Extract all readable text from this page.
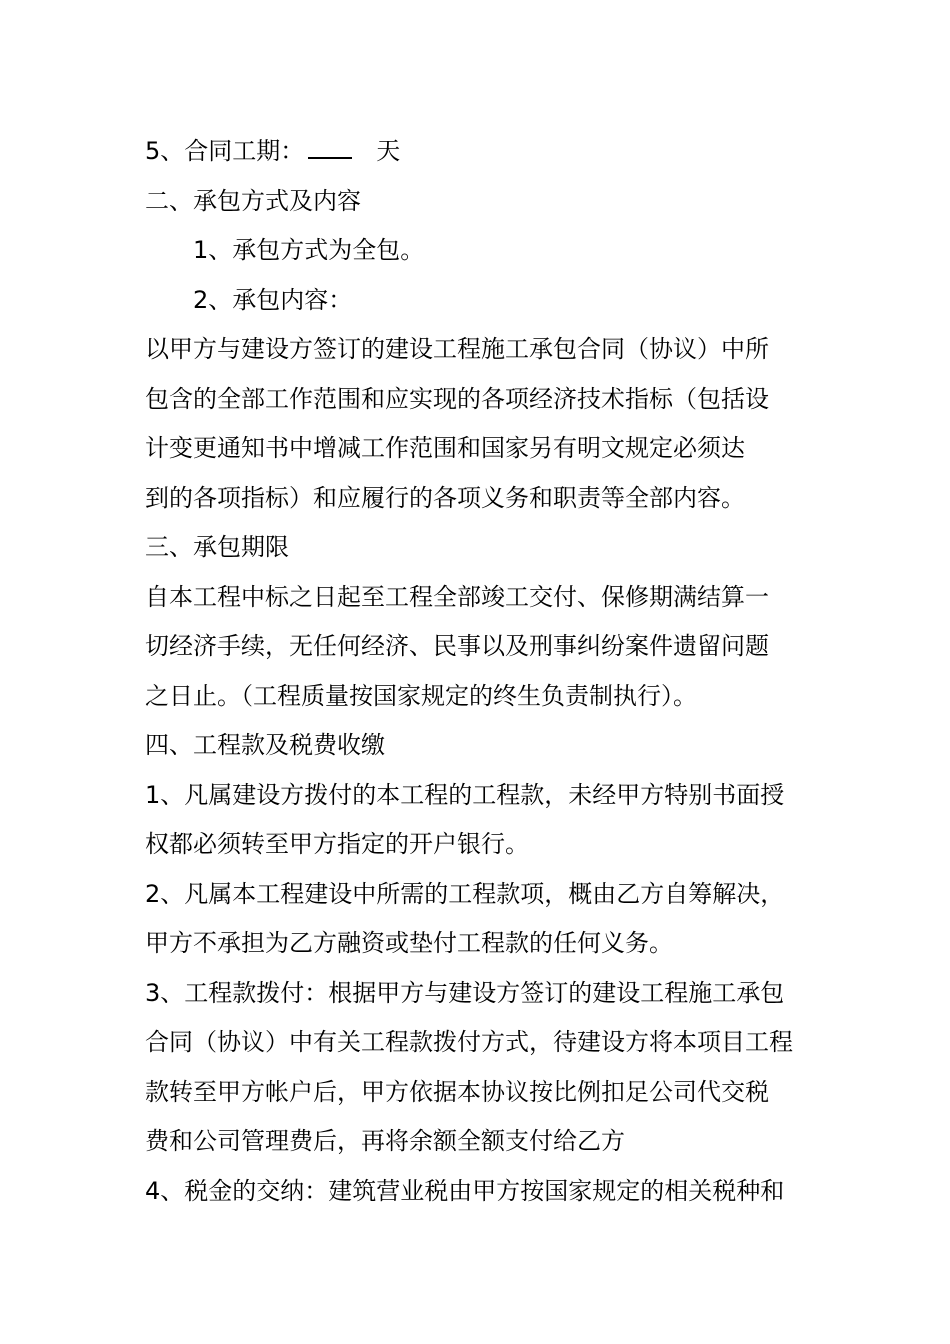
5、合同工期：	天
二、承包方式及内容
1、承包方式为全包。
2、承包内容：
以甲方与建设方签订的建设工程施工承包合同（协议）中所
包含的全部工作范围和应实现的各项经济技术指标（包括设
计变更通知书中增减工作范围和国家另有明文规定必须达
到的各项指标）和应履行的各项义务和职责等全部内容。
三、承包期限
自本工程中标之日起至工程全部竣工交付、保修期满结算一
切经济手续，无任何经济、民事以及刑事纠纷案件遗留问题
之日止。（工程质量按国家规定的终生负责制执行）。
四、工程款及税费收缴
1、凡属建设方拨付的本工程的工程款，未经甲方特别书面授
权都必须转至甲方指定的开户银行。
2、凡属本工程建设中所需的工程款项，概由乙方自筹解决，
甲方不承担为乙方融资或垫付工程款的任何义务。
3、工程款拨付：根据甲方与建设方签订的建设工程施工承包
合同（协议）中有关工程款拨付方式，待建设方将本项目工程
款转至甲方帐户后，甲方依据本协议按比例扣足公司代交税
费和公司管理费后，再将余额全额支付给乙方
4、税金的交纳：建筑营业税由甲方按国家规定的相关税种和
